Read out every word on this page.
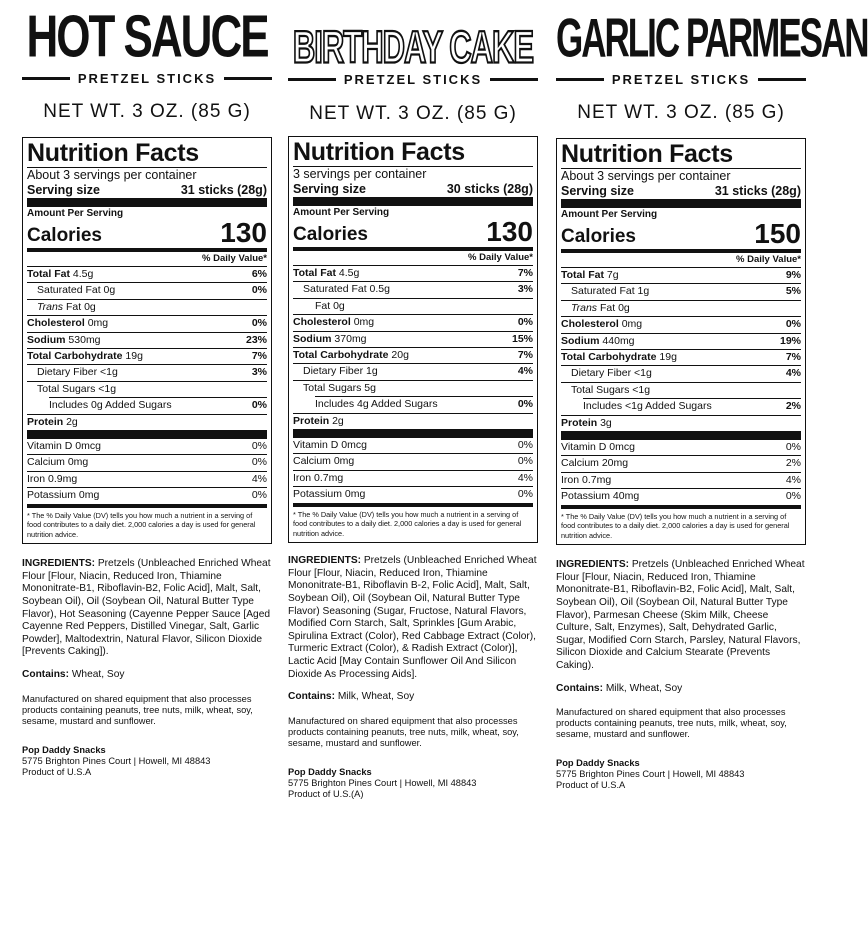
HOT SAUCE
PRETZEL STICKS
NET WT. 3 OZ. (85 G)
Nutrition Facts
About 3 servings per container
Serving size	31 sticks (28g)
Amount Per Serving
Calories	130
% Daily Value*
Total Fat 4.5g	6%
Saturated Fat 0g	0%
Trans Fat 0g
Cholesterol 0mg	0%
Sodium 530mg	23%
Total Carbohydrate 19g	7%
Dietary Fiber <1g	3%
Total Sugars <1g
Includes 0g Added Sugars	0%
Protein 2g
Vitamin D 0mcg	0%
Calcium 0mg	0%
Iron 0.9mg	4%
Potassium 0mg	0%
* The % Daily Value (DV) tells you how much a nutrient in a serving of food contributes to a daily diet. 2,000 calories a day is used for general nutrition advice.
INGREDIENTS: Pretzels (Unbleached Enriched Wheat Flour [Flour, Niacin, Reduced Iron, Thiamine Mononitrate-B1, Riboflavin-B2, Folic Acid], Malt, Salt, Soybean Oil), Oil (Soybean Oil, Natural Butter Type Flavor), Hot Seasoning (Cayenne Pepper Sauce [Aged Cayenne Red Peppers, Distilled Vinegar, Salt, Garlic Powder], Maltodextrin, Natural Flavor, Silicon Dioxide [Prevents Caking]).
Contains: Wheat, Soy
Manufactured on shared equipment that also processes products containing peanuts, tree nuts, milk, wheat, soy, sesame, mustard and sunflower.
Pop Daddy Snacks
5775 Brighton Pines Court | Howell, MI 48843
Product of U.S.A
BIRTHDAY CAKE
PRETZEL STICKS
NET WT. 3 OZ. (85 G)
Nutrition Facts
3 servings per container
Serving size	30 sticks (28g)
Amount Per Serving
Calories	130
% Daily Value*
Total Fat 4.5g	7%
Saturated Fat 0.5g	3%
Fat 0g
Cholesterol 0mg	0%
Sodium 370mg	15%
Total Carbohydrate 20g	7%
Dietary Fiber 1g	4%
Total Sugars 5g
Includes 4g Added Sugars	0%
Protein 2g
Vitamin D 0mcg	0%
Calcium 0mg	0%
Iron 0.7mg	4%
Potassium 0mg	0%
* The % Daily Value (DV) tells you how much a nutrient in a serving of food contributes to a daily diet. 2,000 calories a day is used for general nutrition advice.
INGREDIENTS: Pretzels (Unbleached Enriched Wheat Flour [Flour, Niacin, Reduced Iron, Thiamine Mononitrate-B1, Riboflavin B-2, Folic Acid], Malt, Salt, Soybean Oil), Oil (Soybean Oil, Natural Butter Type Flavor) Seasoning (Sugar, Fructose, Natural Flavors, Modified Corn Starch, Salt, Sprinkles [Gum Arabic, Spirulina Extract (Color), Red Cabbage Extract (Color), Turmeric Extract (Color), & Radish Extract (Color)], Lactic Acid [May Contain Sunflower Oil And Silicon Dioxide As Processing Aids].
Contains: Milk, Wheat, Soy
Manufactured on shared equipment that also processes products containing peanuts, tree nuts, milk, wheat, soy, sesame, mustard and sunflower.
Pop Daddy Snacks
5775 Brighton Pines Court | Howell, MI 48843
Product of U.S.(A)
GARLIC PARMESAN
PRETZEL STICKS
NET WT. 3 OZ. (85 G)
Nutrition Facts
About 3 servings per container
Serving size	31 sticks (28g)
Amount Per Serving
Calories	150
% Daily Value*
Total Fat 7g	9%
Saturated Fat 1g	5%
Trans Fat 0g
Cholesterol 0mg	0%
Sodium 440mg	19%
Total Carbohydrate 19g	7%
Dietary Fiber <1g	4%
Total Sugars <1g
Includes <1g Added Sugars	2%
Protein 3g
Vitamin D 0mcg	0%
Calcium 20mg	2%
Iron 0.7mg	4%
Potassium 40mg	0%
* The % Daily Value (DV) tells you how much a nutrient in a serving of food contributes to a daily diet. 2,000 calories a day is used for general nutrition advice.
INGREDIENTS: Pretzels (Unbleached Enriched Wheat Flour [Flour, Niacin, Reduced Iron, Thiamine Mononitrate-B1, Riboflavin-B2, Folic Acid], Malt, Salt, Soybean Oil), Oil (Soybean Oil, Natural Butter Type Flavor), Parmesan Cheese (Skim Milk, Cheese Culture, Salt, Enzymes), Salt, Dehydrated Garlic, Sugar, Modified Corn Starch, Parsley, Natural Flavors, Silicon Dioxide and Calcium Stearate (Prevents Caking).
Contains: Milk, Wheat, Soy
Manufactured on shared equipment that also processes products containing peanuts, tree nuts, milk, wheat, soy, sesame, mustard and sunflower.
Pop Daddy Snacks
5775 Brighton Pines Court | Howell, MI 48843
Product of U.S.A
